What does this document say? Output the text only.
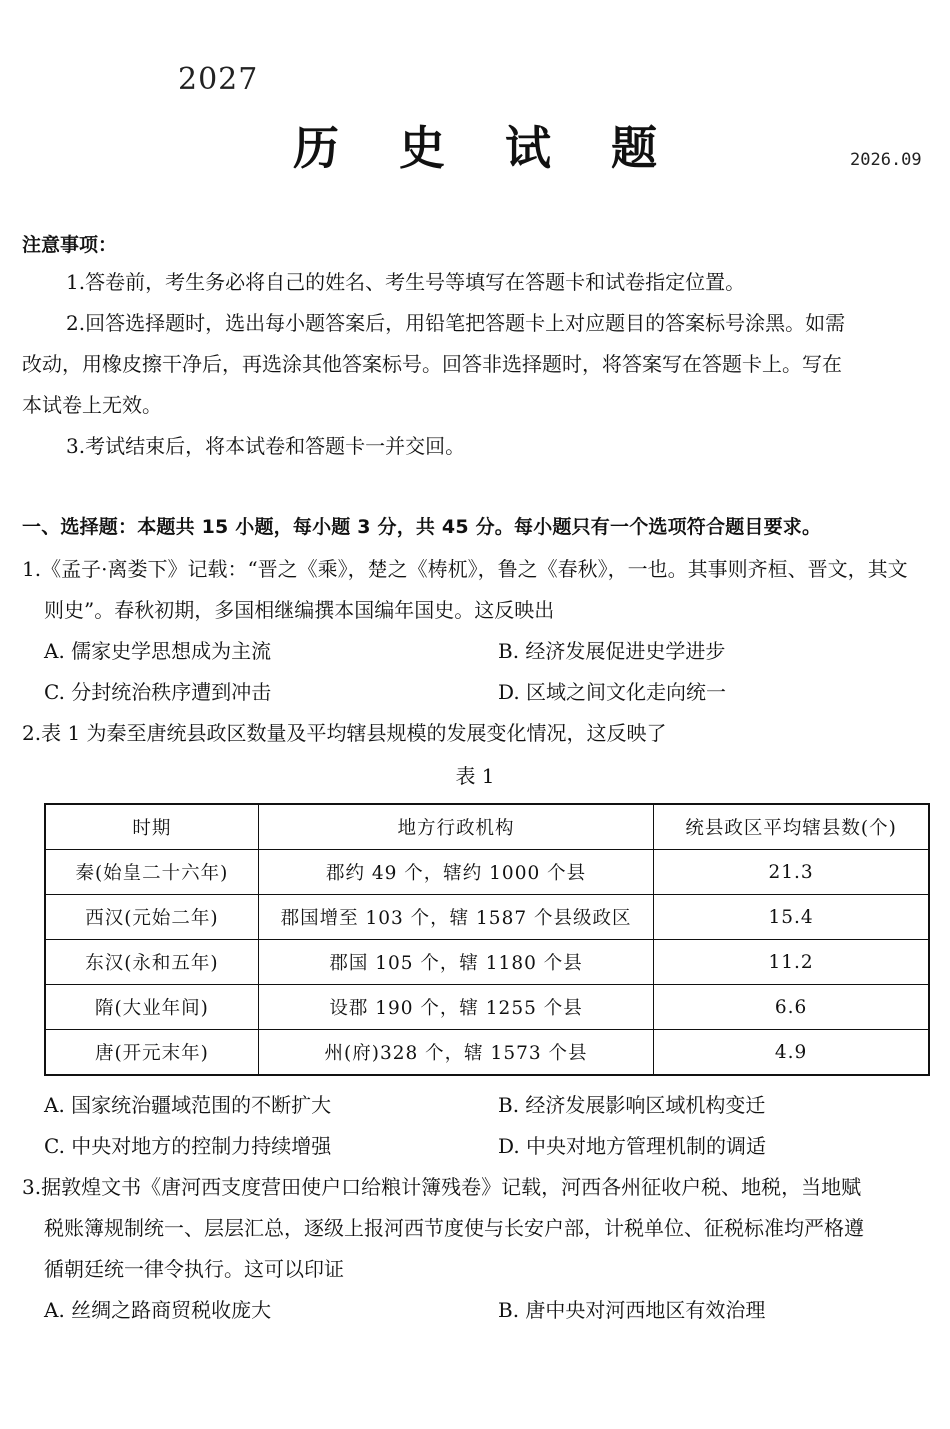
2027
历 史 试 题	2026.09
注意事项：
1.答卷前，考生务必将自己的姓名、考生号等填写在答题卡和试卷指定位置。
2.回答选择题时，选出每小题答案后，用铅笔把答题卡上对应题目的答案标号涂黑。如需
改动，用橡皮擦干净后，再选涂其他答案标号。回答非选择题时，将答案写在答题卡上。写在
本试卷上无效。
3.考试结束后，将本试卷和答题卡一并交回。
一、选择题：本题共 15 小题，每小题 3 分，共 45 分。每小题只有一个选项符合题目要求。
1.《孟子·离娄下》记载：“晋之《乘》，楚之《梼杌》，鲁之《春秋》，一也。其事则齐桓、晋文，其文
则史”。春秋初期，多国相继编撰本国编年国史。这反映出
A. 儒家史学思想成为主流	B. 经济发展促进史学进步
C. 分封统治秩序遭到冲击	D. 区域之间文化走向统一
2.表 1 为秦至唐统县政区数量及平均辖县规模的发展变化情况，这反映了
表 1
时期	地方行政机构	统县政区平均辖县数(个)
秦(始皇二十六年)	郡约 49 个，辖约 1000 个县	21.3
西汉(元始二年)	郡国增至 103 个，辖 1587 个县级政区	15.4
东汉(永和五年)	郡国 105 个，辖 1180 个县	11.2
隋(大业年间)	设郡 190 个，辖 1255 个县	6.6
唐(开元末年)	州(府)328 个，辖 1573 个县	4.9
A. 国家统治疆域范围的不断扩大	B. 经济发展影响区域机构变迁
C. 中央对地方的控制力持续增强	D. 中央对地方管理机制的调适
3.据敦煌文书《唐河西支度营田使户口给粮计簿残卷》记载，河西各州征收户税、地税，当地赋
税账簿规制统一、层层汇总，逐级上报河西节度使与长安户部，计税单位、征税标准均严格遵
循朝廷统一律令执行。这可以印证
A. 丝绸之路商贸税收庞大	B. 唐中央对河西地区有效治理
